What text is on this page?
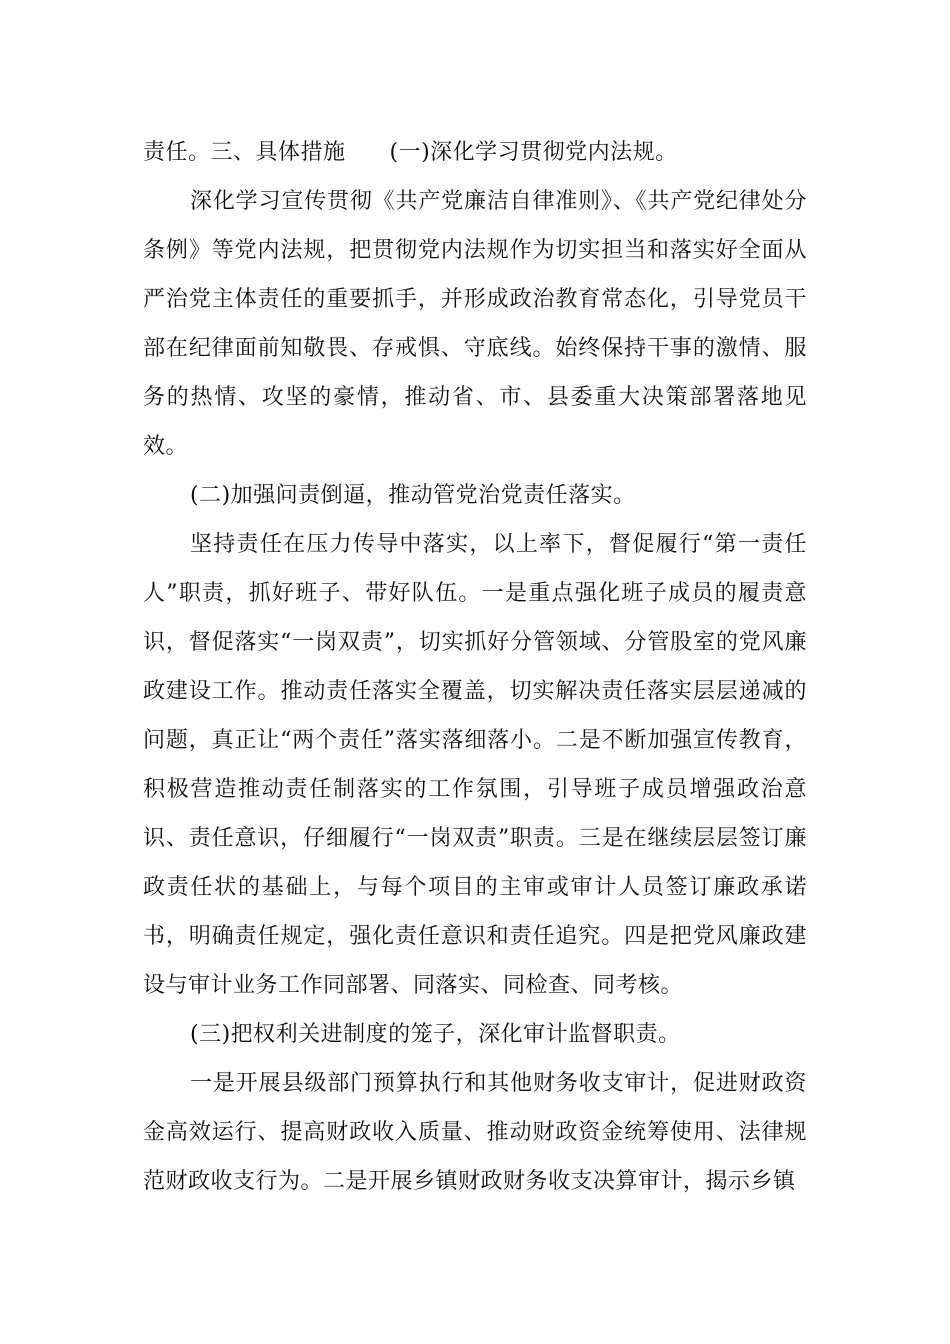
责任。三、具体措施 (一)深化学习贯彻党内法规。

深化学习宣传贯彻《共产党廉洁自律准则》、《共产党纪律处分条例》等党内法规，把贯彻党内法规作为切实担当和落实好全面从严治党主体责任的重要抓手，并形成政治教育常态化，引导党员干部在纪律面前知敬畏、存戒惧、守底线。始终保持干事的激情、服务的热情、攻坚的豪情，推动省、市、县委重大决策部署落地见效。

(二)加强问责倒逼，推动管党治党责任落实。

坚持责任在压力传导中落实，以上率下，督促履行“第一责任人”职责，抓好班子、带好队伍。一是重点强化班子成员的履责意识，督促落实“一岗双责”，切实抓好分管领域、分管股室的党风廉政建设工作。推动责任落实全覆盖，切实解决责任落实层层递减的问题，真正让“两个责任”落实落细落小。二是不断加强宣传教育，积极营造推动责任制落实的工作氛围，引导班子成员增强政治意识、责任意识，仔细履行“一岗双责”职责。三是在继续层层签订廉政责任状的基础上，与每个项目的主审或审计人员签订廉政承诺书，明确责任规定，强化责任意识和责任追究。四是把党风廉政建设与审计业务工作同部署、同落实、同检查、同考核。

(三)把权利关进制度的笼子，深化审计监督职责。

一是开展县级部门预算执行和其他财务收支审计，促进财政资金高效运行、提高财政收入质量、推动财政资金统筹使用、法律规范财政收支行为。二是开展乡镇财政财务收支决算审计，揭示乡镇
